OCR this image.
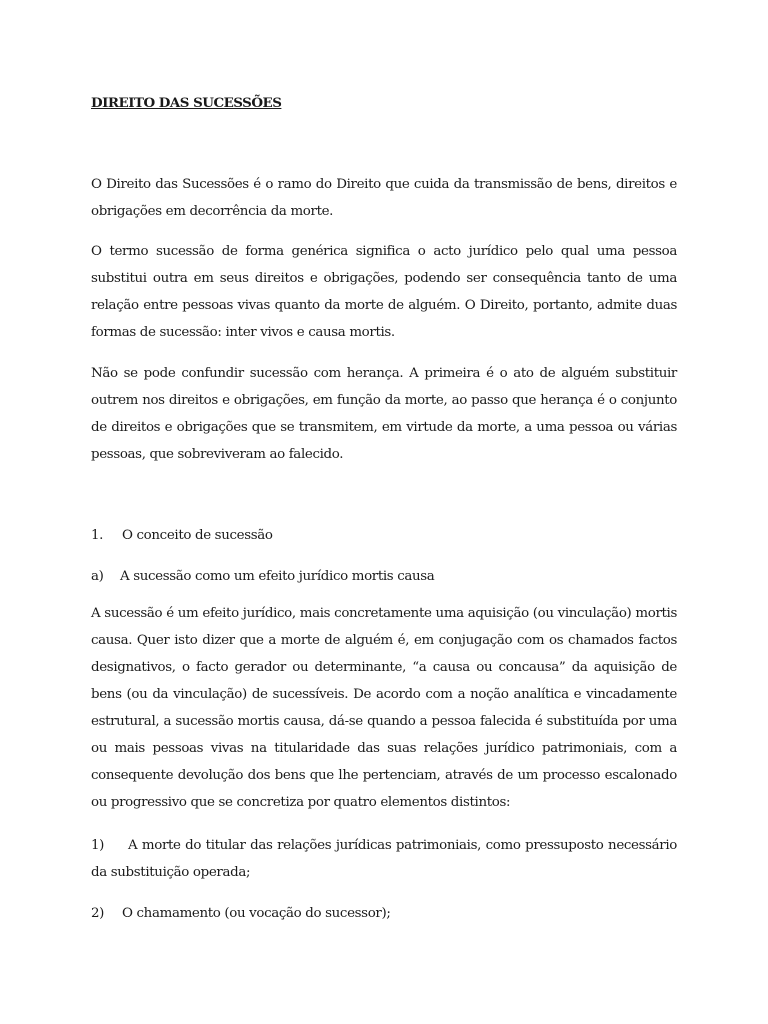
DIREITO DAS SUCESSÕES

O Direito das Sucessões é o ramo do Direito que cuida da transmissão de bens, direitos e obrigações em decorrência da morte.

O termo sucessão de forma genérica significa o acto jurídico pelo qual uma pessoa substitui outra em seus direitos e obrigações, podendo ser consequência tanto de uma relação entre pessoas vivas quanto da morte de alguém. O Direito, portanto, admite duas formas de sucessão: inter vivos e causa mortis.

Não se pode confundir sucessão com herança. A primeira é o ato de alguém substituir outrem nos direitos e obrigações, em função da morte, ao passo que herança é o conjunto de direitos e obrigações que se transmitem, em virtude da morte, a uma pessoa ou várias pessoas, que sobreviveram ao falecido.

1. O conceito de sucessão
a) A sucessão como um efeito jurídico mortis causa

A sucessão é um efeito jurídico, mais concretamente uma aquisição (ou vinculação) mortis causa. Quer isto dizer que a morte de alguém é, em conjugação com os chamados factos designativos, o facto gerador ou determinante, “a causa ou concausa” da aquisição de bens (ou da vinculação) de sucessíveis. De acordo com a noção analítica e vincadamente estrutural, a sucessão mortis causa, dá-se quando a pessoa falecida é substituída por uma ou mais pessoas vivas na titularidade das suas relações jurídico patrimoniais, com a consequente devolução dos bens que lhe pertenciam, através de um processo escalonado ou progressivo que se concretiza por quatro elementos distintos:

1) A morte do titular das relações jurídicas patrimoniais, como pressuposto necessário da substituição operada;
2) O chamamento (ou vocação do sucessor);
